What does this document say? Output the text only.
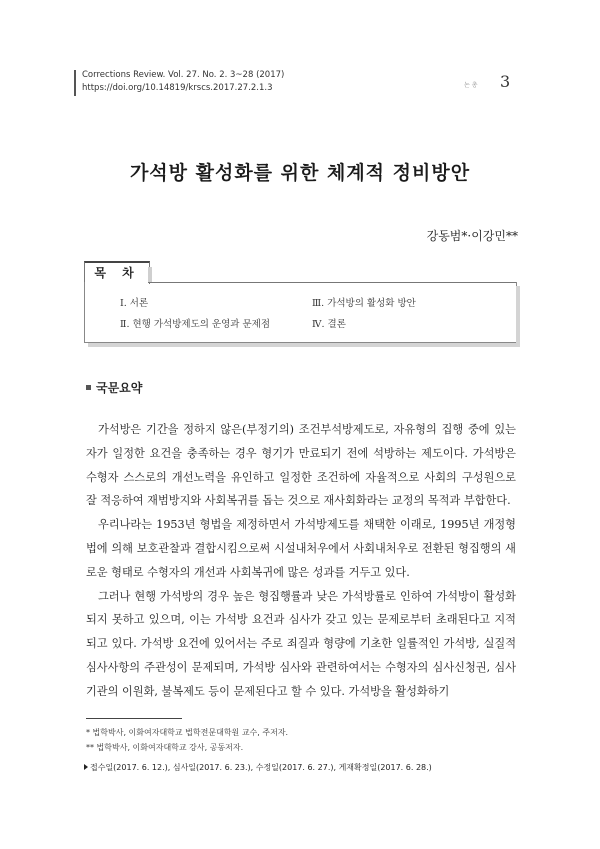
Corrections Review. Vol. 27. No. 2. 3~28 (2017)
https://doi.org/10.14819/krscs.2017.27.2.1.3	논 총 3
가석방 활성화를 위한 체계적 정비방안
강동범*·이강민**
목 차
Ⅰ. 서론
Ⅱ. 현행 가석방제도의 운영과 문제점
Ⅲ. 가석방의 활성화 방안
Ⅳ. 결론
국문요약

가석방은 기간을 정하지 않은(부정기의) 조건부석방제도로, 자유형의 집행 중에 있는 자가 일정한 요건을 충족하는 경우 형기가 만료되기 전에 석방하는 제도이다. 가석방은 수형자 스스로의 개선노력을 유인하고 일정한 조건하에 자율적으로 사회의 구성원으로 잘 적응하여 재범방지와 사회복귀를 돕는 것으로 재사회화라는 교정의 목적과 부합한다.

우리나라는 1953년 형법을 제정하면서 가석방제도를 채택한 이래로, 1995년 개정형법에 의해 보호관찰과 결합시킴으로써 시설내처우에서 사회내처우로 전환된 형집행의 새로운 형태로 수형자의 개선과 사회복귀에 많은 성과를 거두고 있다.

그러나 현행 가석방의 경우 높은 형집행률과 낮은 가석방률로 인하여 가석방이 활성화되지 못하고 있으며, 이는 가석방 요건과 심사가 갖고 있는 문제로부터 초래된다고 지적되고 있다. 가석방 요건에 있어서는 주로 죄질과 형량에 기초한 일률적인 가석방, 실질적 심사사항의 주관성이 문제되며, 가석방 심사와 관련하여서는 수형자의 심사신청권, 심사기관의 이원화, 불복제도 등이 문제된다고 할 수 있다. 가석방을 활성화하기

* 법학박사, 이화여자대학교 법학전문대학원 교수, 주저자.
** 법학박사, 이화여자대학교 강사, 공동저자.
접수일(2017. 6. 12.), 심사일(2017. 6. 23.), 수정일(2017. 6. 27.), 게재확정일(2017. 6. 28.)
